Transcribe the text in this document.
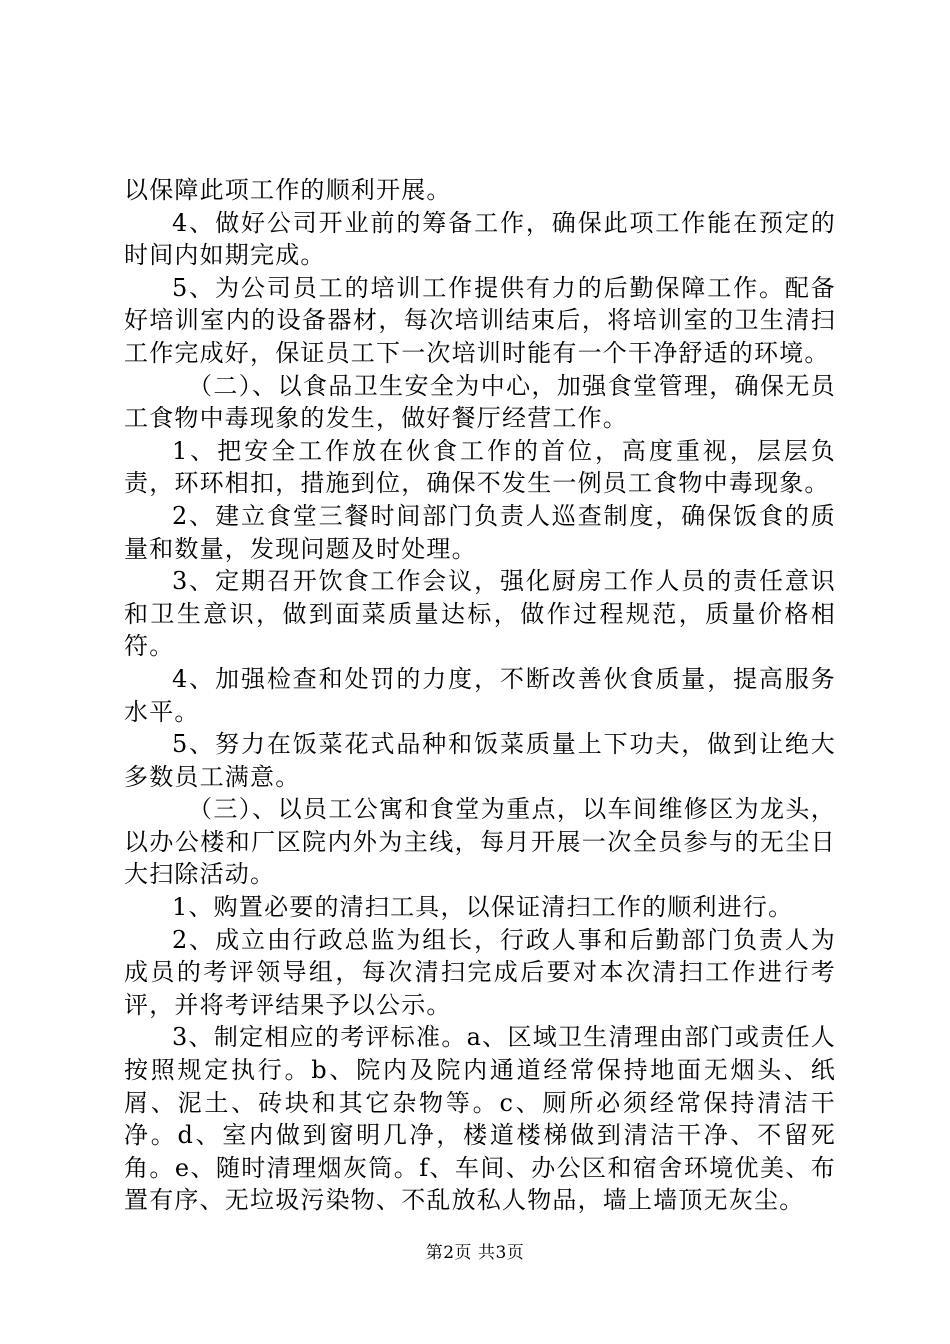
以保障此项工作的顺利开展。

4、做好公司开业前的筹备工作，确保此项工作能在预定的时间内如期完成。

5、为公司员工的培训工作提供有力的后勤保障工作。配备好培训室内的设备器材，每次培训结束后，将培训室的卫生清扫工作完成好，保证员工下一次培训时能有一个干净舒适的环境。

（二）、以食品卫生安全为中心，加强食堂管理，确保无员工食物中毒现象的发生，做好餐厅经营工作。

1、把安全工作放在伙食工作的首位，高度重视，层层负责，环环相扣，措施到位，确保不发生一例员工食物中毒现象。

2、建立食堂三餐时间部门负责人巡查制度，确保饭食的质量和数量，发现问题及时处理。

3、定期召开饮食工作会议，强化厨房工作人员的责任意识和卫生意识，做到面菜质量达标，做作过程规范，质量价格相符。

4、加强检查和处罚的力度，不断改善伙食质量，提高服务水平。

5、努力在饭菜花式品种和饭菜质量上下功夫，做到让绝大多数员工满意。

（三）、以员工公寓和食堂为重点，以车间维修区为龙头，以办公楼和厂区院内外为主线，每月开展一次全员参与的无尘日大扫除活动。

1、购置必要的清扫工具，以保证清扫工作的顺利进行。

2、成立由行政总监为组长，行政人事和后勤部门负责人为成员的考评领导组，每次清扫完成后要对本次清扫工作进行考评，并将考评结果予以公示。

3、制定相应的考评标准。a、区域卫生清理由部门或责任人按照规定执行。b、院内及院内通道经常保持地面无烟头、纸屑、泥土、砖块和其它杂物等。c、厕所必须经常保持清洁干净。d、室内做到窗明几净，楼道楼梯做到清洁干净、不留死角。e、随时清理烟灰筒。f、车间、办公区和宿舍环境优美、布置有序、无垃圾污染物、不乱放私人物品，墙上墙顶无灰尘。

第2页 共3页
